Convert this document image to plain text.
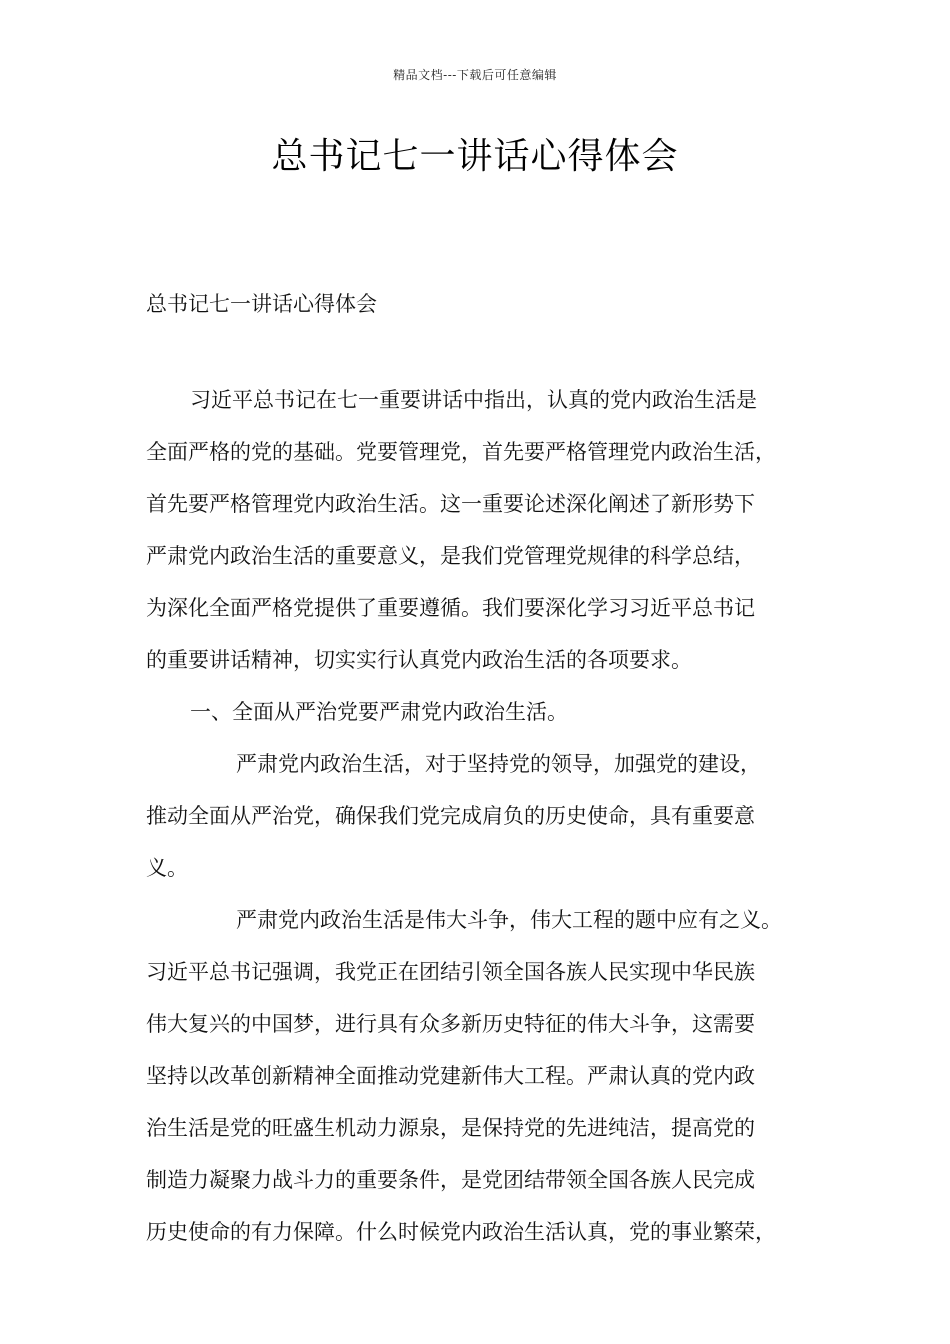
精品文档---下载后可任意编辑
总书记七一讲话心得体会
总书记七一讲话心得体会

习近平总书记在七一重要讲话中指出，认真的党内政治生活是
全面严格的党的基础。党要管理党，首先要严格管理党内政治生活，
首先要严格管理党内政治生活。这一重要论述深化阐述了新形势下
严肃党内政治生活的重要意义，是我们党管理党规律的科学总结，
为深化全面严格党提供了重要遵循。我们要深化学习习近平总书记
的重要讲话精神，切实实行认真党内政治生活的各项要求。

一、全面从严治党要严肃党内政治生活。

严肃党内政治生活，对于坚持党的领导，加强党的建设，
推动全面从严治党，确保我们党完成肩负的历史使命，具有重要意
义。

严肃党内政治生活是伟大斗争，伟大工程的题中应有之义。
习近平总书记强调，我党正在团结引领全国各族人民实现中华民族
伟大复兴的中国梦，进行具有众多新历史特征的伟大斗争，这需要
坚持以改革创新精神全面推动党建新伟大工程。严肃认真的党内政
治生活是党的旺盛生机动力源泉，是保持党的先进纯洁，提高党的
制造力凝聚力战斗力的重要条件，是党团结带领全国各族人民完成
历史使命的有力保障。什么时候党内政治生活认真，党的事业繁荣，
